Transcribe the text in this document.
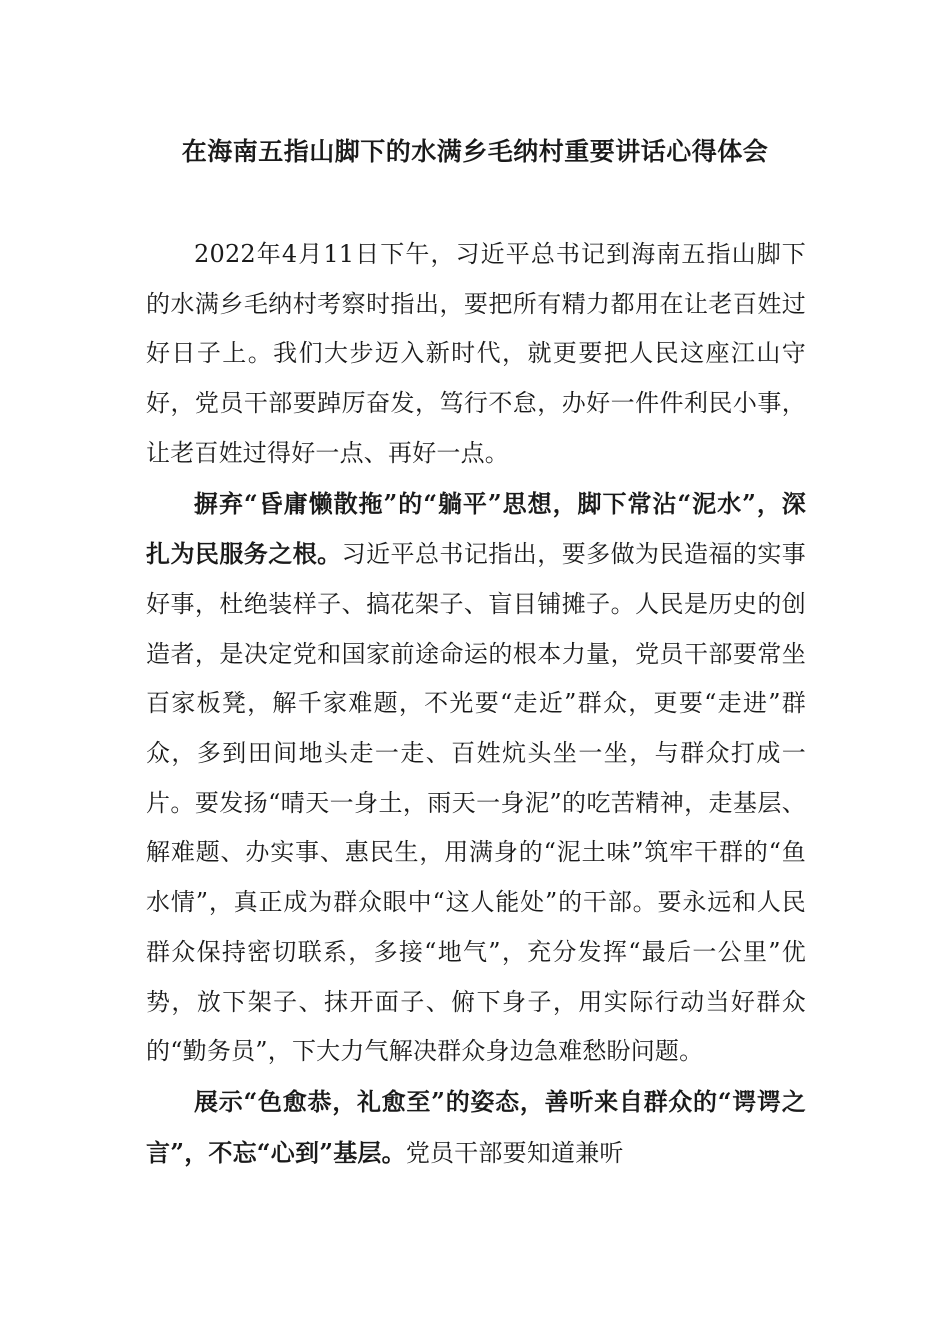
在海南五指山脚下的水满乡毛纳村重要讲话心得体会

2022年4月11日下午，习近平总书记到海南五指山脚下的水满乡毛纳村考察时指出，要把所有精力都用在让老百姓过好日子上。我们大步迈入新时代，就更要把人民这座江山守好，党员干部要踔厉奋发，笃行不怠，办好一件件利民小事，让老百姓过得好一点、再好一点。

摒弃“昏庸懒散拖”的“躺平”思想，脚下常沾“泥水”，深扎为民服务之根。习近平总书记指出，要多做为民造福的实事好事，杜绝装样子、搞花架子、盲目铺摊子。人民是历史的创造者，是决定党和国家前途命运的根本力量，党员干部要常坐百家板凳，解千家难题，不光要“走近”群众，更要“走进”群众，多到田间地头走一走、百姓炕头坐一坐，与群众打成一片。要发扬“晴天一身土，雨天一身泥”的吃苦精神，走基层、解难题、办实事、惠民生，用满身的“泥土味”筑牢干群的“鱼水情”，真正成为群众眼中“这人能处”的干部。要永远和人民群众保持密切联系，多接“地气”，充分发挥“最后一公里”优势，放下架子、抹开面子、俯下身子，用实际行动当好群众的“勤务员”，下大力气解决群众身边急难愁盼问题。

展示“色愈恭，礼愈至”的姿态，善听来自群众的“谔谔之言”，不忘“心到”基层。党员干部要知道兼听
